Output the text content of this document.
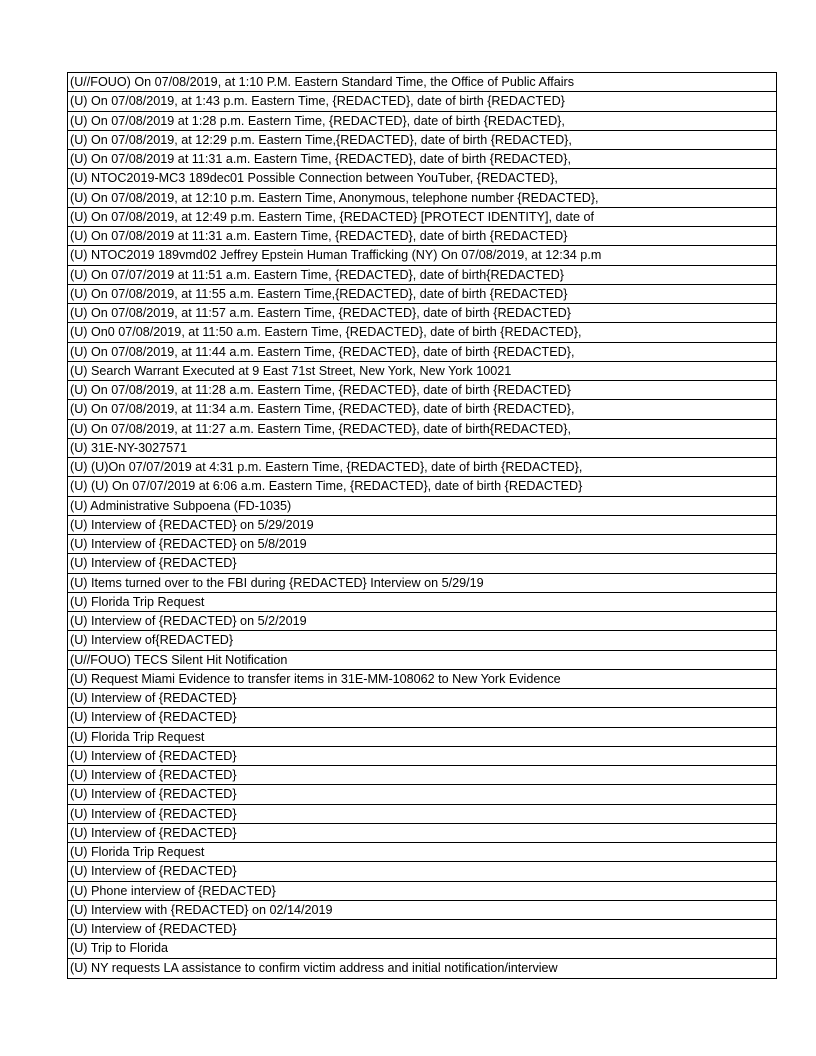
(U//FOUO) On 07/08/2019, at 1:10 P.M. Eastern Standard Time, the Office of Public Affairs
(U) On 07/08/2019, at 1:43 p.m. Eastern Time, {REDACTED}, date of birth {REDACTED}
(U) On 07/08/2019 at 1:28 p.m. Eastern Time, {REDACTED}, date of birth {REDACTED},
(U) On 07/08/2019, at 12:29 p.m. Eastern Time,{REDACTED}, date of birth {REDACTED},
(U) On 07/08/2019 at 11:31 a.m. Eastern Time, {REDACTED}, date of birth {REDACTED},
(U) NTOC2019-MC3 189dec01 Possible Connection between YouTuber, {REDACTED},
(U) On 07/08/2019, at 12:10 p.m. Eastern Time, Anonymous, telephone number {REDACTED},
(U) On 07/08/2019, at 12:49 p.m. Eastern Time, {REDACTED} [PROTECT IDENTITY], date of
(U) On 07/08/2019 at 11:31 a.m. Eastern Time, {REDACTED}, date of birth {REDACTED}
(U) NTOC2019 189vmd02 Jeffrey Epstein Human Trafficking (NY) On 07/08/2019, at 12:34 p.m
(U) On 07/07/2019 at 11:51 a.m. Eastern Time, {REDACTED}, date of birth{REDACTED}
(U) On 07/08/2019, at 11:55 a.m. Eastern Time,{REDACTED}, date of birth {REDACTED}
(U) On 07/08/2019, at 11:57 a.m. Eastern Time, {REDACTED}, date of birth {REDACTED}
(U) On0 07/08/2019, at 11:50 a.m. Eastern Time, {REDACTED}, date of birth {REDACTED},
(U) On 07/08/2019, at 11:44 a.m. Eastern Time, {REDACTED}, date of birth {REDACTED},
(U) Search Warrant Executed at 9 East 71st Street, New York, New York 10021
(U) On 07/08/2019, at 11:28 a.m. Eastern Time, {REDACTED}, date of birth {REDACTED}
(U) On 07/08/2019, at 11:34 a.m. Eastern Time, {REDACTED}, date of birth {REDACTED},
(U) On 07/08/2019, at 11:27 a.m. Eastern Time, {REDACTED}, date of birth{REDACTED},
(U) 31E-NY-3027571
(U) (U)On 07/07/2019 at 4:31 p.m. Eastern Time, {REDACTED}, date of birth {REDACTED},
(U) (U) On 07/07/2019 at 6:06 a.m. Eastern Time, {REDACTED}, date of birth {REDACTED}
(U) Administrative Subpoena (FD-1035)
(U) Interview of {REDACTED} on 5/29/2019
(U) Interview of {REDACTED} on 5/8/2019
(U) Interview of {REDACTED}
(U) Items turned over to the FBI during {REDACTED} Interview on 5/29/19
(U) Florida Trip Request
(U) Interview of {REDACTED} on 5/2/2019
(U) Interview of{REDACTED}
(U//FOUO) TECS Silent Hit Notification
(U) Request Miami Evidence to transfer items in 31E-MM-108062 to New York Evidence
(U) Interview of {REDACTED}
(U) Interview of {REDACTED}
(U) Florida Trip Request
(U) Interview of {REDACTED}
(U) Interview of {REDACTED}
(U) Interview of {REDACTED}
(U) Interview of {REDACTED}
(U) Interview of {REDACTED}
(U) Florida Trip Request
(U) Interview of {REDACTED}
(U) Phone interview of {REDACTED}
(U) Interview with {REDACTED} on 02/14/2019
(U) Interview of {REDACTED}
(U) Trip to Florida
(U) NY requests LA assistance to confirm victim address and initial notification/interview
